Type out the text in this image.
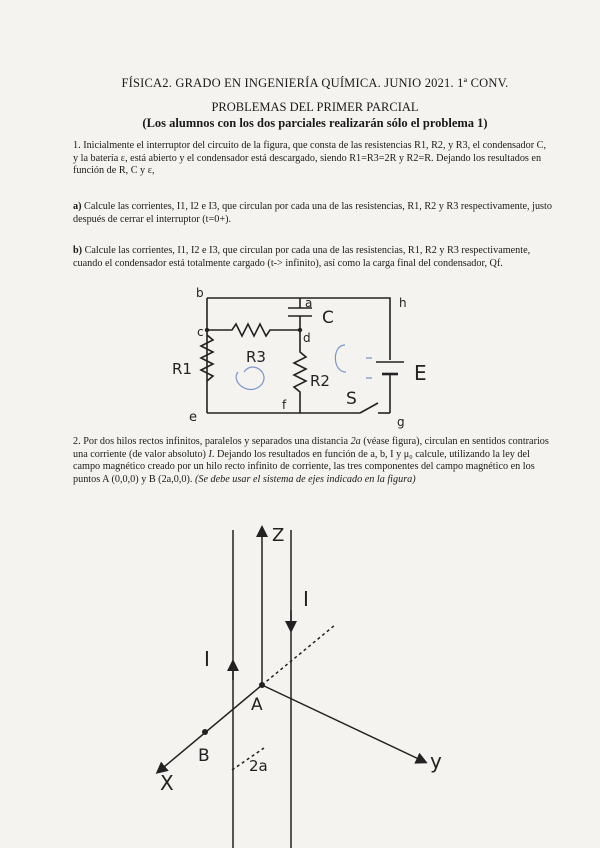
FÍSICA2. GRADO EN INGENIERÍA QUÍMICA. JUNIO 2021. 1ª CONV.
PROBLEMAS DEL PRIMER PARCIAL
(Los alumnos con los dos parciales realizarán sólo el problema 1)
1. Inicialmente el interruptor del circuito de la figura, que consta de las resistencias R1, R2, y R3, el condensador C, y la batería ε, está abierto y el condensador está descargado, siendo R1=R3=2R y R2=R. Dejando los resultados en función de R, C y ε,
a) Calcule las corrientes, I1, I2 e I3, que circulan por cada una de las resistencias, R1, R2 y R3 respectivamente, justo después de cerrar el interruptor (t=0+).
b) Calcule las corrientes, I1, I2 e I3, que circulan por cada una de las resistencias, R1, R2 y R3 respectivamente, cuando el condensador está totalmente cargado (t-> infinito), así como la carga final del condensador, Qf.
2. Por dos hilos rectos infinitos, paralelos y separados una distancia 2a (véase figura), circulan en sentidos contrarios una corriente (de valor absoluto) I. Dejando los resultados en función de a, b, I y μ₀ calcule, utilizando la ley del campo magnético creado por un hilo recto infinito de corriente, las tres componentes del campo magnético en los puntos A (0,0,0) y B (2a,0,0). (Se debe usar el sistema de ejes indicado en la figura)
b
a	h
c	d
C
R1
R3
R2	E
S
e
f
g
Z
I
I
A
B	2a	y
X
